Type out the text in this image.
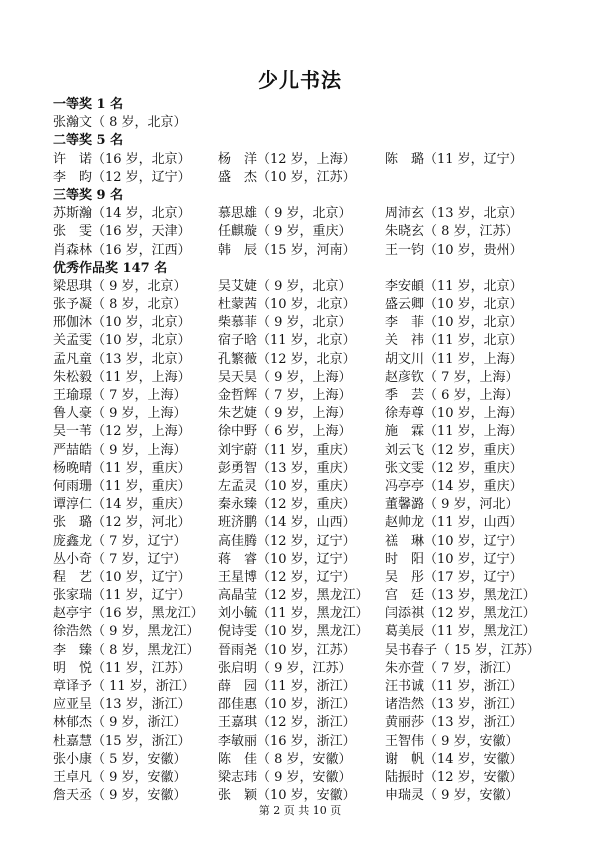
少儿书法
一等奖 1 名
张瀚文（ 8 岁，北京）
二等奖 5 名
许　诺（16 岁，北京） 杨　洋（12 岁，上海） 陈　璐（11 岁，辽宁）
李　昀（12 岁，辽宁） 盛　杰（10 岁，江苏）
三等奖 9 名
苏斯瀚（14 岁，北京） 慕思雄（ 9 岁，北京）	周沛玄（13 岁，北京）
张　雯（16 岁，天津） 任麒璇（ 9 岁，重庆）	朱晓玄（ 8 岁，江苏）
肖森林（16 岁，江西） 韩　辰（15 岁，河南） 王一钧（10 岁，贵州）
优秀作品奖 147 名
梁思琪（ 9 岁，北京） 吴艾婕（ 9 岁，北京）	李安頔（11 岁，北京）
张予凝（ 8 岁，北京） 杜蒙茜（10 岁，北京） 盛云卿（10 岁，北京）
邢伽沐（10 岁，北京） 柴慕菲（ 9 岁，北京）	李　菲（10 岁，北京）
关孟雯（10 岁，北京） 宿子晗（11 岁，北京） 关　祎（11 岁，北京）
孟凡童（13 岁，北京） 孔繁薇（12 岁，北京） 胡文川（11 岁，上海）
朱松毅（11 岁，上海） 吴天昊（ 9 岁，上海）	赵彦钦（ 7 岁，上海）
王瑜璟（ 7 岁，上海） 金哲辉（ 7 岁，上海）	季　芸（ 6 岁，上海）
鲁人豪（ 9 岁，上海） 朱艺婕（ 9 岁，上海）	徐寿尊（10 岁，上海）
吴一苇（12 岁，上海） 徐中野（ 6 岁，上海）	施　霖（11 岁，上海）
严喆皓（ 9 岁，上海） 刘宇蔚（11 岁，重庆） 刘云飞（12 岁，重庆）
杨晚晴（11 岁，重庆） 彭勇智（13 岁，重庆） 张文雯（12 岁，重庆）
何雨珊（11 岁，重庆） 左孟灵（10 岁，重庆） 冯亭亭（14 岁，重庆）
谭淳仁（14 岁，重庆） 秦永臻（12 岁，重庆） 董馨潞（ 9 岁，河北）
张　璐（12 岁，河北） 班济鹏（14 岁，山西） 赵帅龙（11 岁，山西）
庞鑫龙（ 7 岁，辽宁） 高佳腾（12 岁，辽宁） 禚　琳（10 岁，辽宁）
丛小奇（ 7 岁，辽宁） 蒋　睿（10 岁，辽宁） 时　阳（10 岁，辽宁）
程　艺（10 岁，辽宁） 王星博（12 岁，辽宁） 吴　彤（17 岁，辽宁）
张家瑞（11 岁，辽宁） 高晶莹（12 岁，黑龙江） 宫　廷（13 岁，黑龙江）
赵亭宇（16 岁，黑龙江） 刘小毓（11 岁，黑龙江） 闫添祺（12 岁，黑龙江）
徐浩然（ 9 岁，黑龙江） 倪诗雯（10 岁，黑龙江） 葛美辰（11 岁，黑龙江）
李　臻（ 8 岁，黑龙江） 晉雨尧（10 岁，江苏） 吴书春子（ 15 岁，江苏）
明　悦（11 岁，江苏） 张启明（ 9 岁，江苏）	朱亦萱（ 7 岁，浙江）
章译予（ 11 岁，浙江） 薛　园（11 岁，浙江） 汪书诚（11 岁，浙江）
应亚呈（13 岁，浙江） 邵佳惠（10 岁，浙江） 诸浩然（13 岁，浙江）
林郁杰（ 9 岁，浙江） 王嘉琪（12 岁，浙江） 黄丽莎（13 岁，浙江）
杜嘉慧（15 岁，浙江） 李敏丽（16 岁，浙江） 王智伟（ 9 岁，安徽）
张小康（ 5 岁，安徽） 陈　佳（ 8 岁，安徽）	谢　帆（14 岁，安徽）
王卓凡（ 9 岁，安徽） 梁志玮（ 9 岁，安徽）	陆振时（12 岁，安徽）
詹天丞（ 9 岁，安徽） 张　颖（10 岁，安徽） 申瑞灵（ 9 岁，安徽）
第 2 页 共 10 页
